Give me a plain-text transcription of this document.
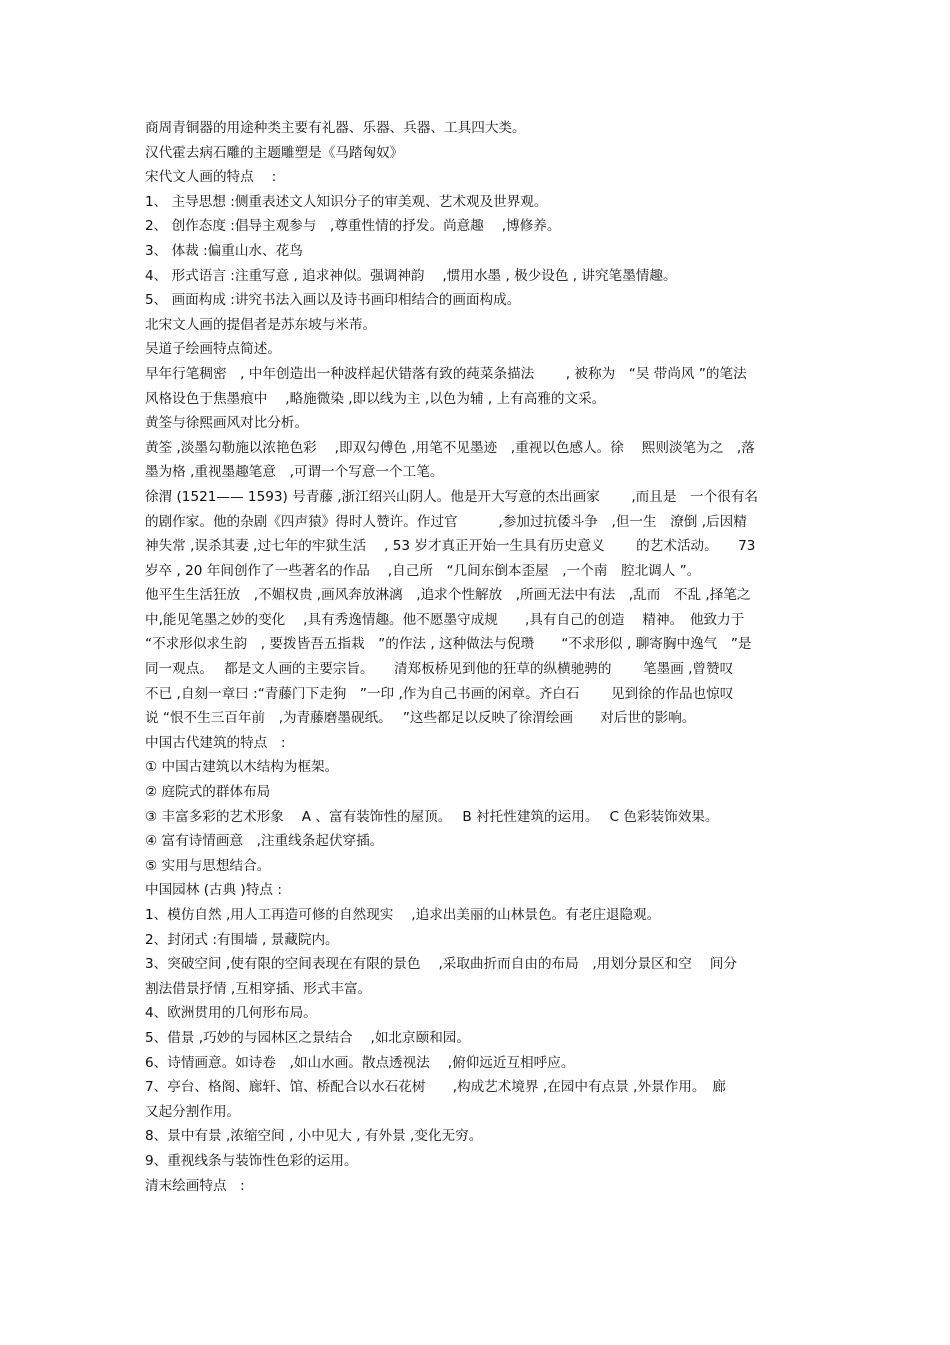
商周青铜器的用途种类主要有礼器、乐器、兵器、工具四大类。
汉代霍去病石雕的主题雕塑是《马踏匈奴》
宋代文人画的特点　 :
1、 主导思想 :侧重表述文人知识分子的审美观、艺术观及世界观。
2、 创作态度 :倡导主观参与　,尊重性情的抒发。尚意趣　 ,博修养。
3、 体裁 :偏重山水、花鸟
4、 形式语言 :注重写意 , 追求神似。强调神韵　 ,惯用水墨 , 极少设色 , 讲究笔墨情趣。
5、 画面构成 :讲究书法入画以及诗书画印相结合的画面构成。
北宋文人画的提倡者是苏东坡与米芾。
吴道子绘画特点简述。
早年行笔稠密　, 中年创造出一种波样起伏错落有致的莼菜条描法　　 , 被称为　“吴 带尚风 ”的笔法
风格设色于焦墨痕中　 ,略施微染 ,即以线为主 ,以色为辅 , 上有高雅的文采。
黄筌与徐熙画风对比分析。
黄筌 ,淡墨勾勒施以浓艳色彩　 ,即双勾傅色 ,用笔不见墨迹　,重视以色感人。徐　 熙则淡笔为之　,落
墨为格 ,重视墨趣笔意　,可谓一个写意一个工笔。
徐渭 (1521—— 1593) 号青藤 ,浙江绍兴山阴人。他是开大写意的杰出画家　　 ,而且是　一个很有名
的剧作家。他的杂剧《四声猿》得时人赞许。作过官　　　,参加过抗倭斗争　,但一生　潦倒 ,后因精
神失常 ,误杀其妻 ,过七年的牢狱生活　 , 53 岁才真正开始一生具有历史意义　　 的艺术活动。　　73
岁卒 , 20 年间创作了一些著名的作品　 ,自己所　“几间东倒本歪屋　,一个南　腔北调人 ”。
他平生生活狂放　,不媚权贵 ,画风奔放淋漓　,追求个性解放　,所画无法中有法　,乱而　不乱 ,择笔之
中,能见笔墨之妙的变化　 ,具有秀逸情趣。他不愿墨守成规　　,具有自己的创造　 精神。　他致力于
“不求形似求生韵　, 要拨皆吾五指栽　”的作法 , 这种做法与倪瓒　　“不求形似 , 聊寄胸中逸气　”是
同一观点。　 都是文人画的主要宗旨。　　清郑板桥见到他的狂草的纵横驰骋的　　 笔墨画 ,曾赞叹
不已 ,自刻一章曰 :“青藤门下走狗　”一印 ,作为自己书画的闲章。齐白石　　 见到徐的作品也惊叹
说 “恨不生三百年前　,为青藤磨墨砚纸。　 ”这些都足以反映了徐渭绘画　　对后世的影响。
中国古代建筑的特点　:
① 中国古建筑以木结构为框架。
② 庭院式的群体布局
③ 丰富多彩的艺术形象　 A 、富有装饰性的屋顶。　 B 衬托性建筑的运用。　 C 色彩装饰效果。
④ 富有诗情画意　,注重线条起伏穿插。
⑤ 实用与思想结合。
中国园林 (古典 )特点 :
1、模仿自然 ,用人工再造可修的自然现实　 ,追求出美丽的山林景色。有老庄退隐观。
2、封闭式 :有围墙 , 景藏院内。
3、突破空间 ,使有限的空间表现在有限的景色　 ,采取曲折而自由的布局　,用划分景区和空　 间分
割法借景抒情 ,互相穿插、形式丰富。
4、欧洲贯用的几何形布局。
5、借景 ,巧妙的与园林区之景结合　 ,如北京颐和园。
6、诗情画意。如诗卷　,如山水画。散点透视法　 ,俯仰远近互相呼应。
7、亭台、格阁、廊轩、馆、桥配合以水石花树　　,构成艺术境界 ,在园中有点景 ,外景作用。　廊
又起分割作用。
8、景中有景 ,浓缩空间 , 小中见大 , 有外景 ,变化无穷。
9、重视线条与装饰性色彩的运用。
清末绘画特点　:
